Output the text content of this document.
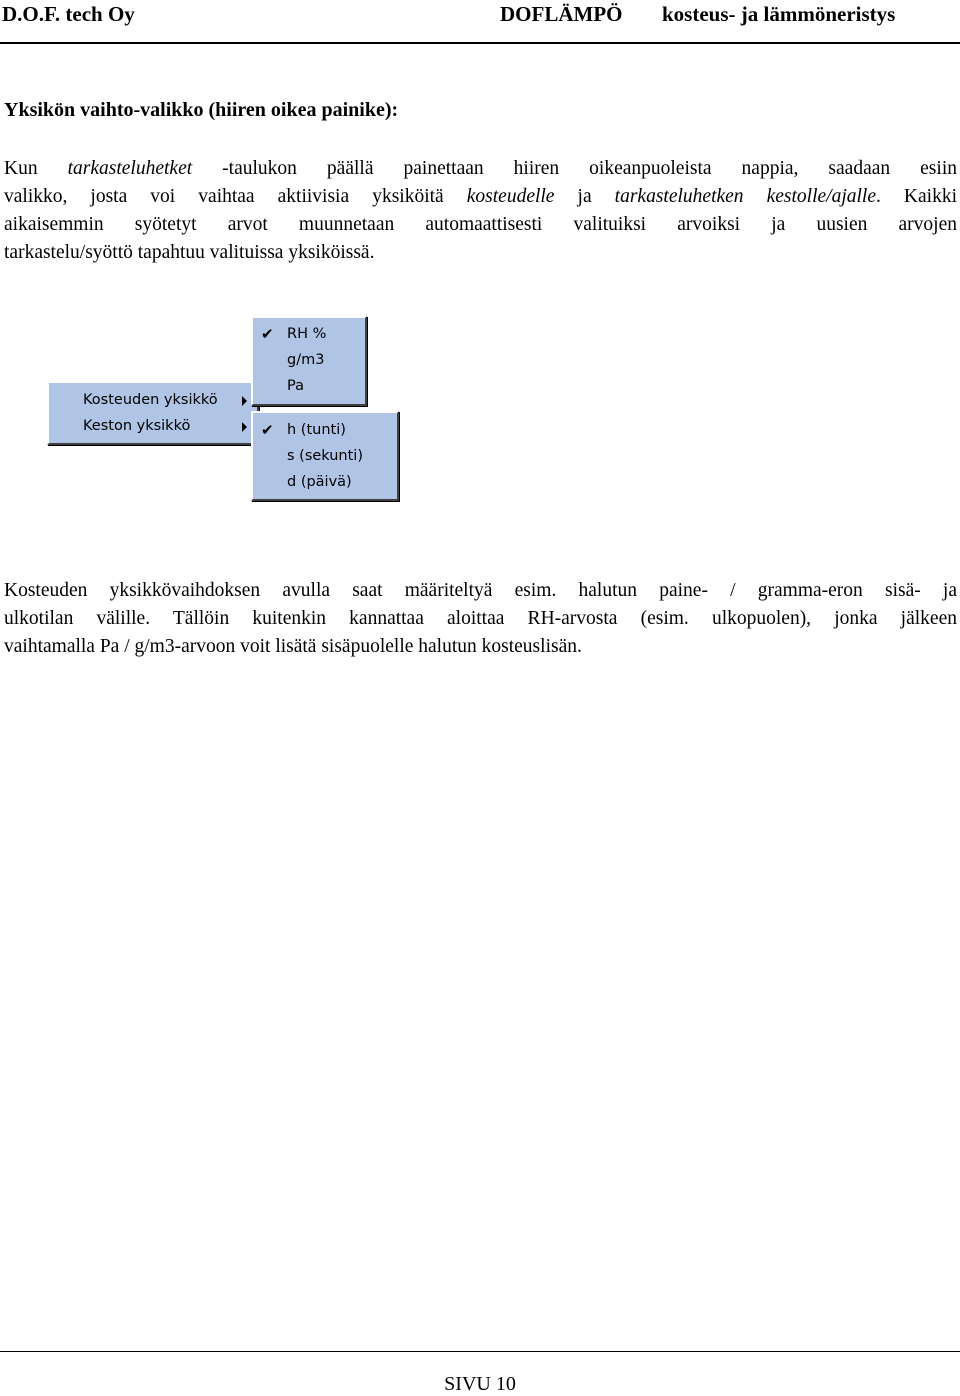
D.O.F. tech Oy	DOFLÄMPÖ kosteus- ja lämmöneristys
Yksikön vaihto-valikko (hiiren oikea painike):
Kun tarkasteluhetket -taulukon päällä painettaan hiiren oikeanpuoleista nappia, saadaan esiin
valikko, josta voi vaihtaa aktiivisia yksiköitä kosteudelle ja tarkasteluhetken kestolle/ajalle. Kaikki
aikaisemmin syötetyt arvot muunnetaan automaattisesti valituiksi arvoiksi ja uusien arvojen
tarkastelu/syöttö tapahtuu valituissa yksiköissä.
Kosteuden yksikkö
Keston yksikkö
✔ RH %
g/m3
Pa
✔ h (tunti)
s (sekunti)
d (päivä)
Kosteuden yksikkövaihdoksen avulla saat määriteltyä esim. halutun paine- / gramma-eron sisä- ja
ulkotilan välille. Tällöin kuitenkin kannattaa aloittaa RH-arvosta (esim. ulkopuolen), jonka jälkeen
vaihtamalla Pa / g/m3-arvoon voit lisätä sisäpuolelle halutun kosteuslisän.
SIVU 10
